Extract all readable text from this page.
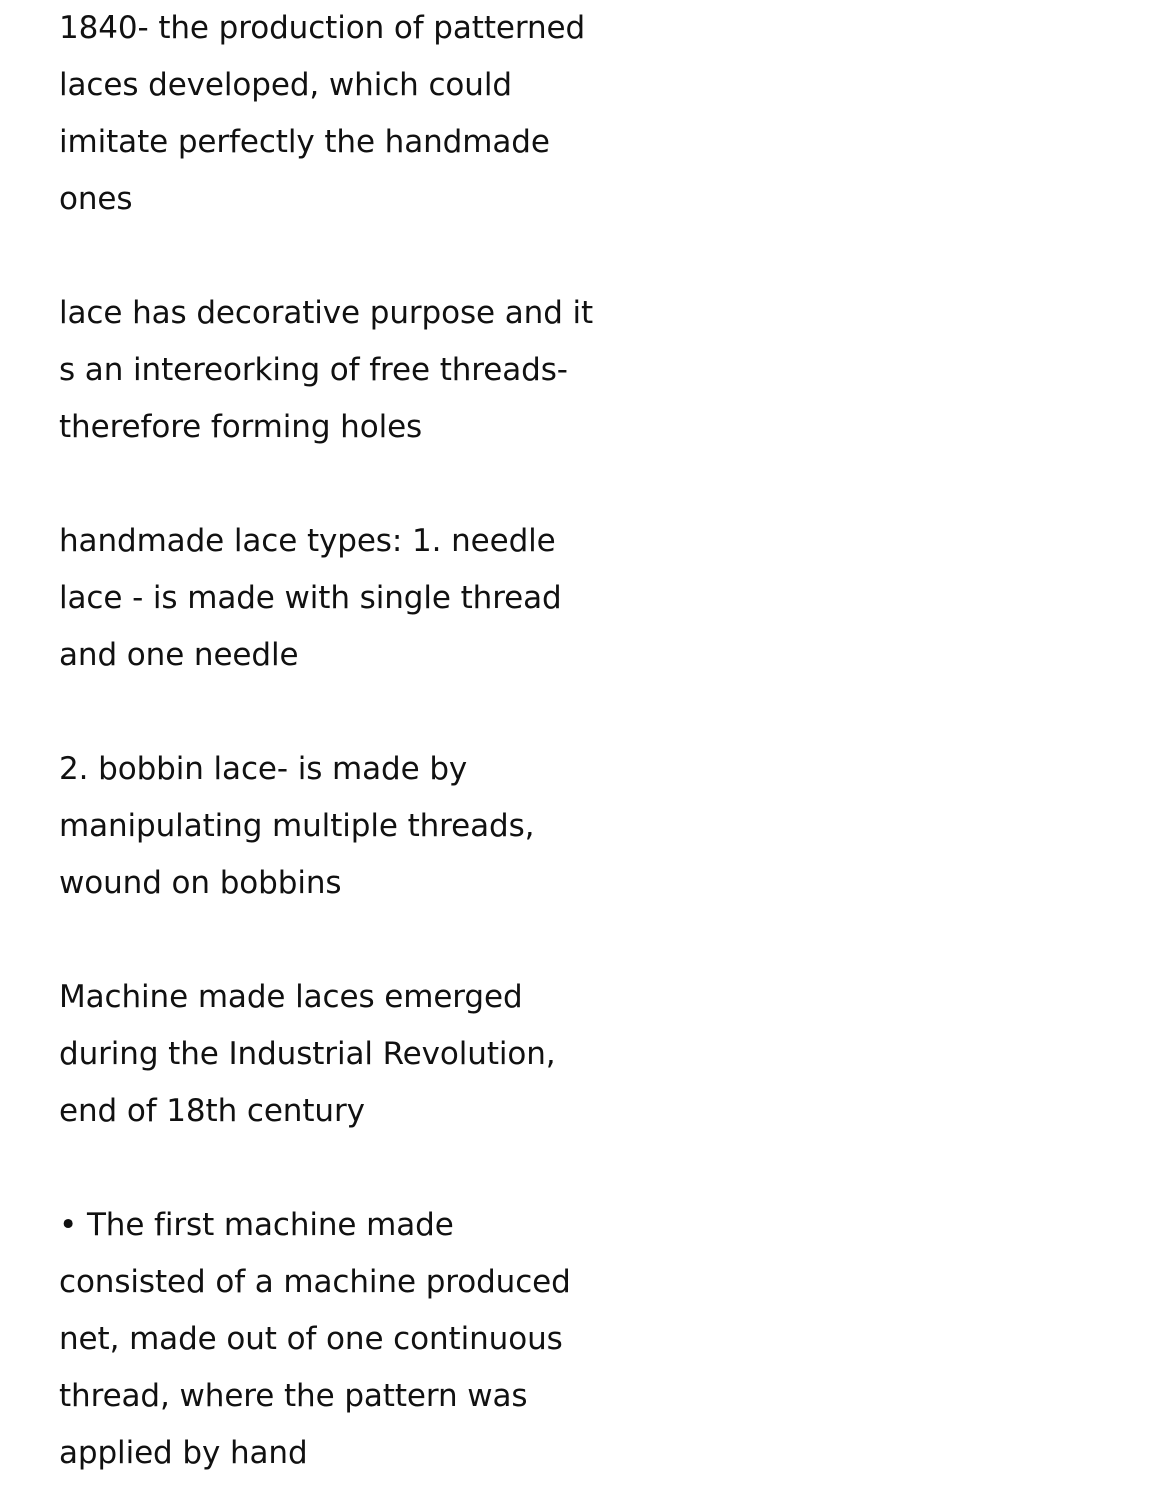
1840- the production of patterned
laces developed, which could
imitate perfectly the handmade
ones
lace has decorative purpose and it
s an intereorking of free threads-
therefore forming holes
handmade lace types: 1. needle
lace - is made with single thread
and one needle
2. bobbin lace- is made by
manipulating multiple threads,
wound on bobbins
Machine made laces emerged
during the Industrial Revolution,
end of 18th century
• The first machine made
consisted of a machine produced
net, made out of one continuous
thread, where the pattern was
applied by hand
